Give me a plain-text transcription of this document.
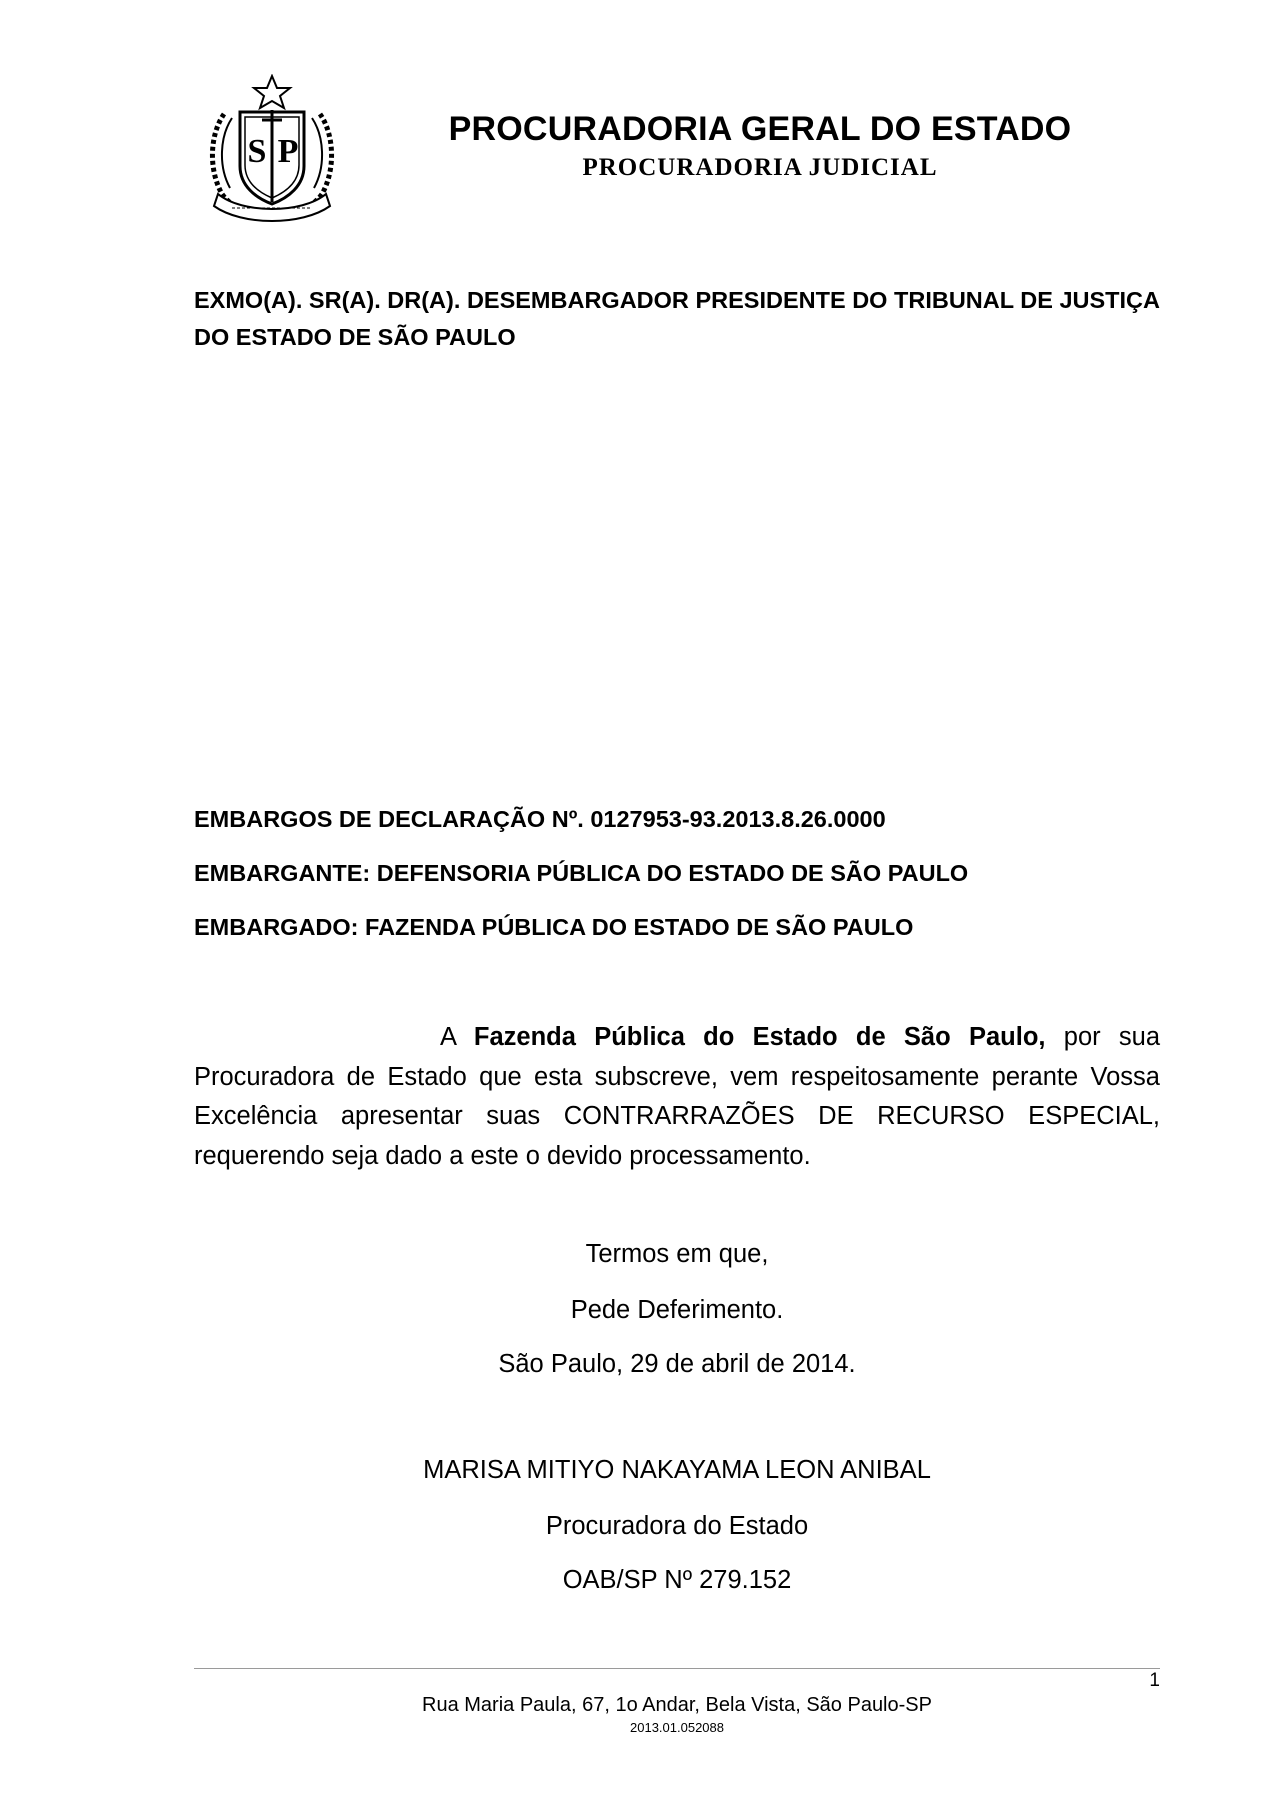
S P
PROCURADORIA GERAL DO ESTADO
PROCURADORIA JUDICIAL
EXMO(A). SR(A). DR(A). DESEMBARGADOR PRESIDENTE DO TRIBUNAL DE JUSTIÇA DO ESTADO DE SÃO PAULO
EMBARGOS DE DECLARAÇÃO Nº. 0127953-93.2013.8.26.0000
EMBARGANTE: DEFENSORIA PÚBLICA DO ESTADO DE SÃO PAULO
EMBARGADO: FAZENDA PÚBLICA DO ESTADO DE SÃO PAULO
A Fazenda Pública do Estado de São Paulo, por sua Procuradora de Estado que esta subscreve, vem respeitosamente perante Vossa Excelência apresentar suas CONTRARRAZÕES DE RECURSO ESPECIAL, requerendo seja dado a este o devido processamento.
Termos em que,
Pede Deferimento.
São Paulo, 29 de abril de 2014.
MARISA MITIYO NAKAYAMA LEON ANIBAL
Procuradora do Estado
OAB/SP Nº 279.152
1
Rua Maria Paula, 67, 1o Andar, Bela Vista, São Paulo-SP
2013.01.052088
